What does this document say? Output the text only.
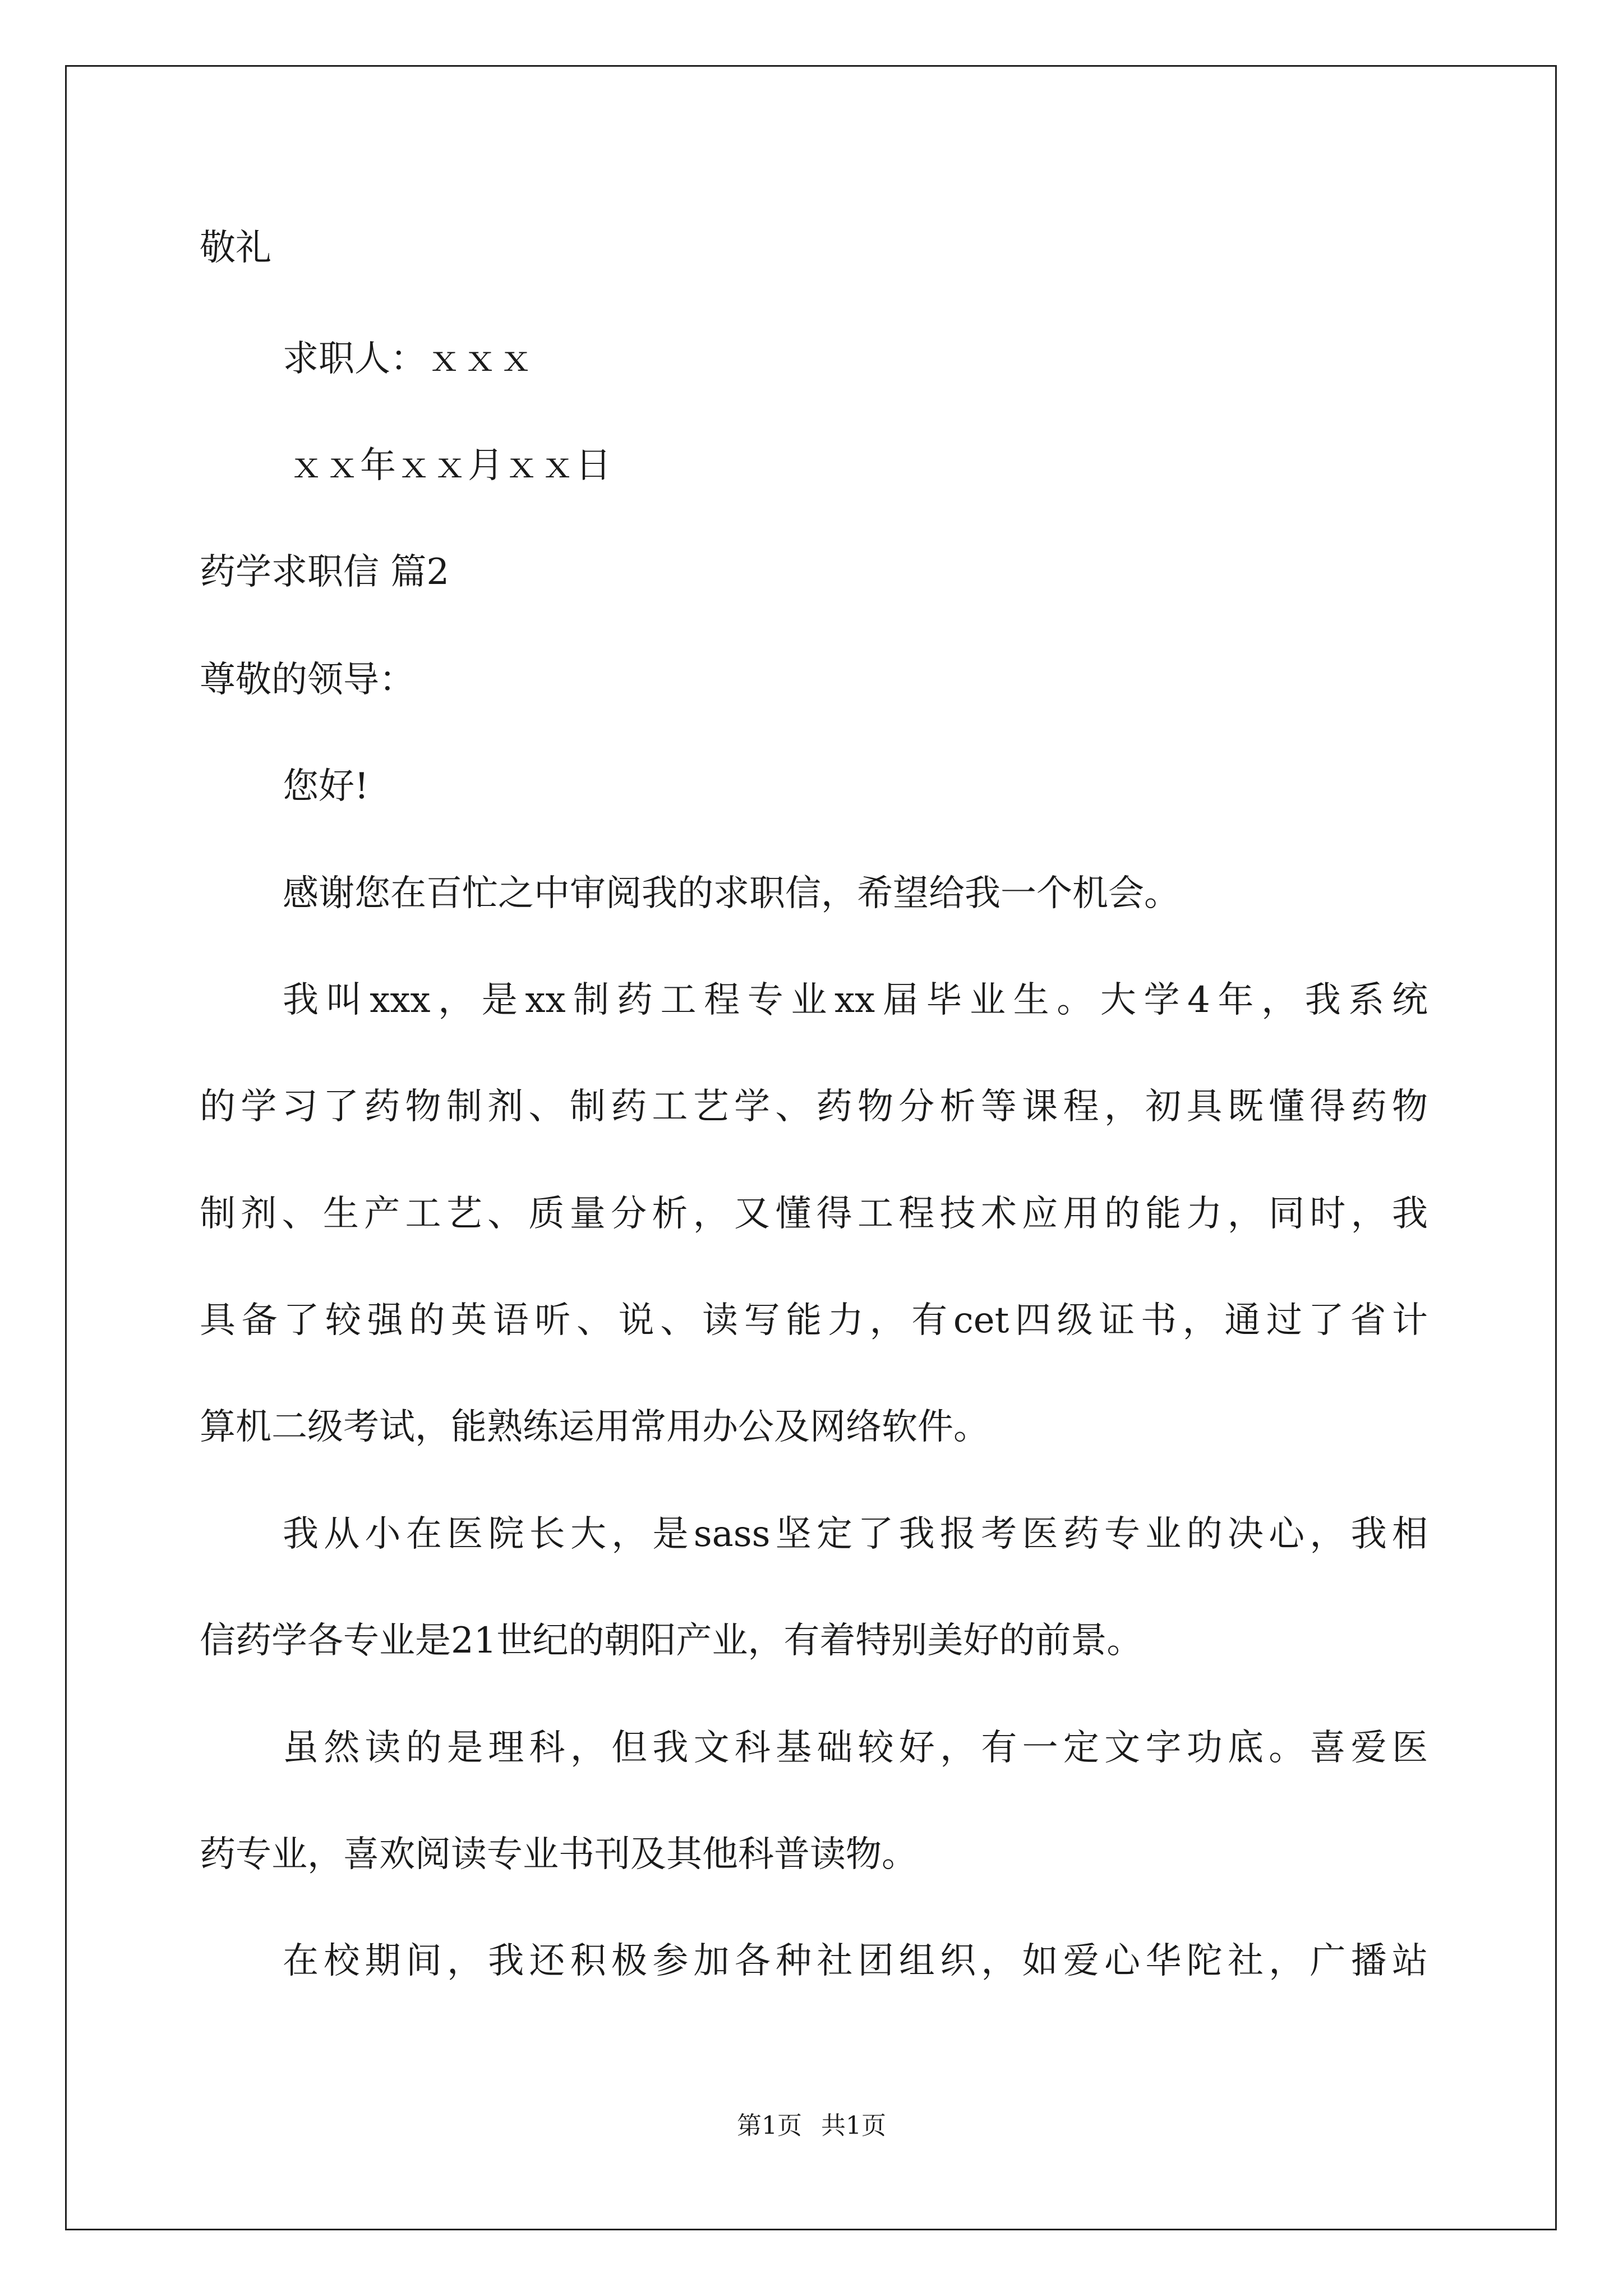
敬礼
求职人：ｘｘｘ
ｘｘ年ｘｘ月ｘｘ日
药学求职信 篇2
尊敬的领导：
您好!
感谢您在百忙之中审阅我的求职信，希望给我一个机会。
我叫xxx，是xx制药工程专业xx届毕业生。大学4年，我系统
的学习了药物制剂、制药工艺学、药物分析等课程，初具既懂得药物
制剂、生产工艺、质量分析，又懂得工程技术应用的能力，同时，我
具备了较强的英语听、说、读写能力，有cet四级证书，通过了省计
算机二级考试，能熟练运用常用办公及网络软件。
我从小在医院长大，是sass坚定了我报考医药专业的决心，我相
信药学各专业是21世纪的朝阳产业，有着特别美好的前景。
虽然读的是理科，但我文科基础较好，有一定文字功底。喜爱医
药专业，喜欢阅读专业书刊及其他科普读物。
在校期间，我还积极参加各种社团组织，如爱心华陀社，广播站
第1页 共1页
